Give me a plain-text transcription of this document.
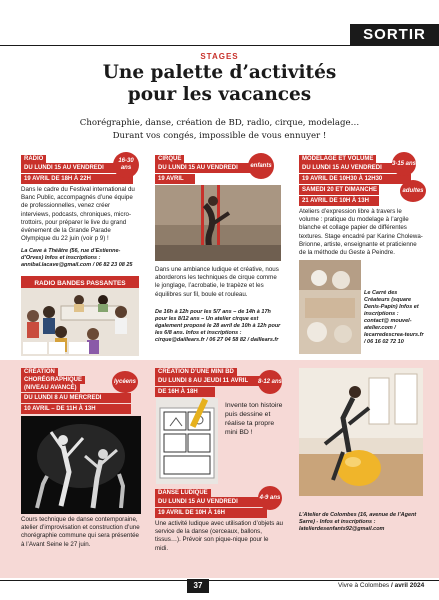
SORTIR
STAGES
Une palette d’activités
pour les vacances
Chorégraphie, danse, création de BD, radio, cirque, modelage…
Durant vos congés, impossible de vous ennuyer !
RADIO
DU LUNDI 15 AU VENDREDI
19 AVRIL DE 18H À 22H
16-30 ans
Dans le cadre du Festival international du Banc Public, accompagnés d’une équipe de professionnelles, venez créer interviews, podcasts, chroniques, micro-trottoirs, pour préparer le live du grand événement de la Grande Parade Olympique du 22 juin (voir p 9) !
La Cave à Théâtre (56, rue d’Estienne-d’Orves) Infos et inscriptions : annibal.lacave@gmail.com / 06 82 23 08 25
RADIO BANDES PASSANTES
CIRQUE
DU LUNDI 15 AU VENDREDI
19 AVRIL
enfants
Dans une ambiance ludique et créative, nous aborderons les techniques de cirque comme le jonglage, l’acrobatie, le trapèze et les équilibres sur fil, boule et rouleau.
De 16h à 12h pour les 5/7 ans – de 14h à 17h pour les 8/12 ans – Un atelier cirque est également proposé le 28 avril de 10h à 12h pour les 6/8 ans. Infos et inscriptions : cirque@daillears.fr / 06 27 04 58 82 / daillears.fr
MODELAGE ET VOLUME
DU LUNDI 15 AU VENDREDI
19 AVRIL DE 10H30 À 12H30
SAMEDI 20 ET DIMANCHE
21 AVRIL DE 10H À 13H
3-15 ans
adultes
Ateliers d’expression libre à travers le volume : pratique du modelage à l’argile blanche et collage papier de différentes textures. Stage encadré par Karine Cholewa-Brionne, artiste, enseignante et praticienne de la méthode du Geste à Peindre.
Le Carré des Créateurs (square Denis-Papin) Infos et inscriptions : contact@ mouvel-atelier.com / lecarredescrea-teurs.fr / 06 16 02 72 10
CRÉATION
CHORÉGRAPHIQUE
(NIVEAU AVANCÉ)
DU LUNDI 8 AU MERCREDI
10 AVRIL – DE 11H À 13H
lycéens
Cours technique de danse contemporaine, atelier d’improvisation et construction d’une chorégraphie commune qui sera présentée à l’Avant Seine le 27 juin.
CRÉATION D’UNE MINI BD
DU LUNDI 8 AU JEUDI 11 AVRIL
DE 16H À 18H
8-12 ans
Invente ton histoire puis dessine et réalise ta propre mini BD !
DANSE LUDIQUE
DU LUNDI 15 AU VENDREDI
19 AVRIL DE 10H À 16H
4-9 ans
Une activité ludique avec utilisation d’objets au service de la danse (cerceaux, ballons, tissus…). Prévoir son pique-nique pour le midi.
L’Atelier de Colombes (16, avenue de l’Agent Sarre) - Infos et inscriptions : latelierdesenfants92@gmail.com
37	Vivre à Colombes / avril 2024
